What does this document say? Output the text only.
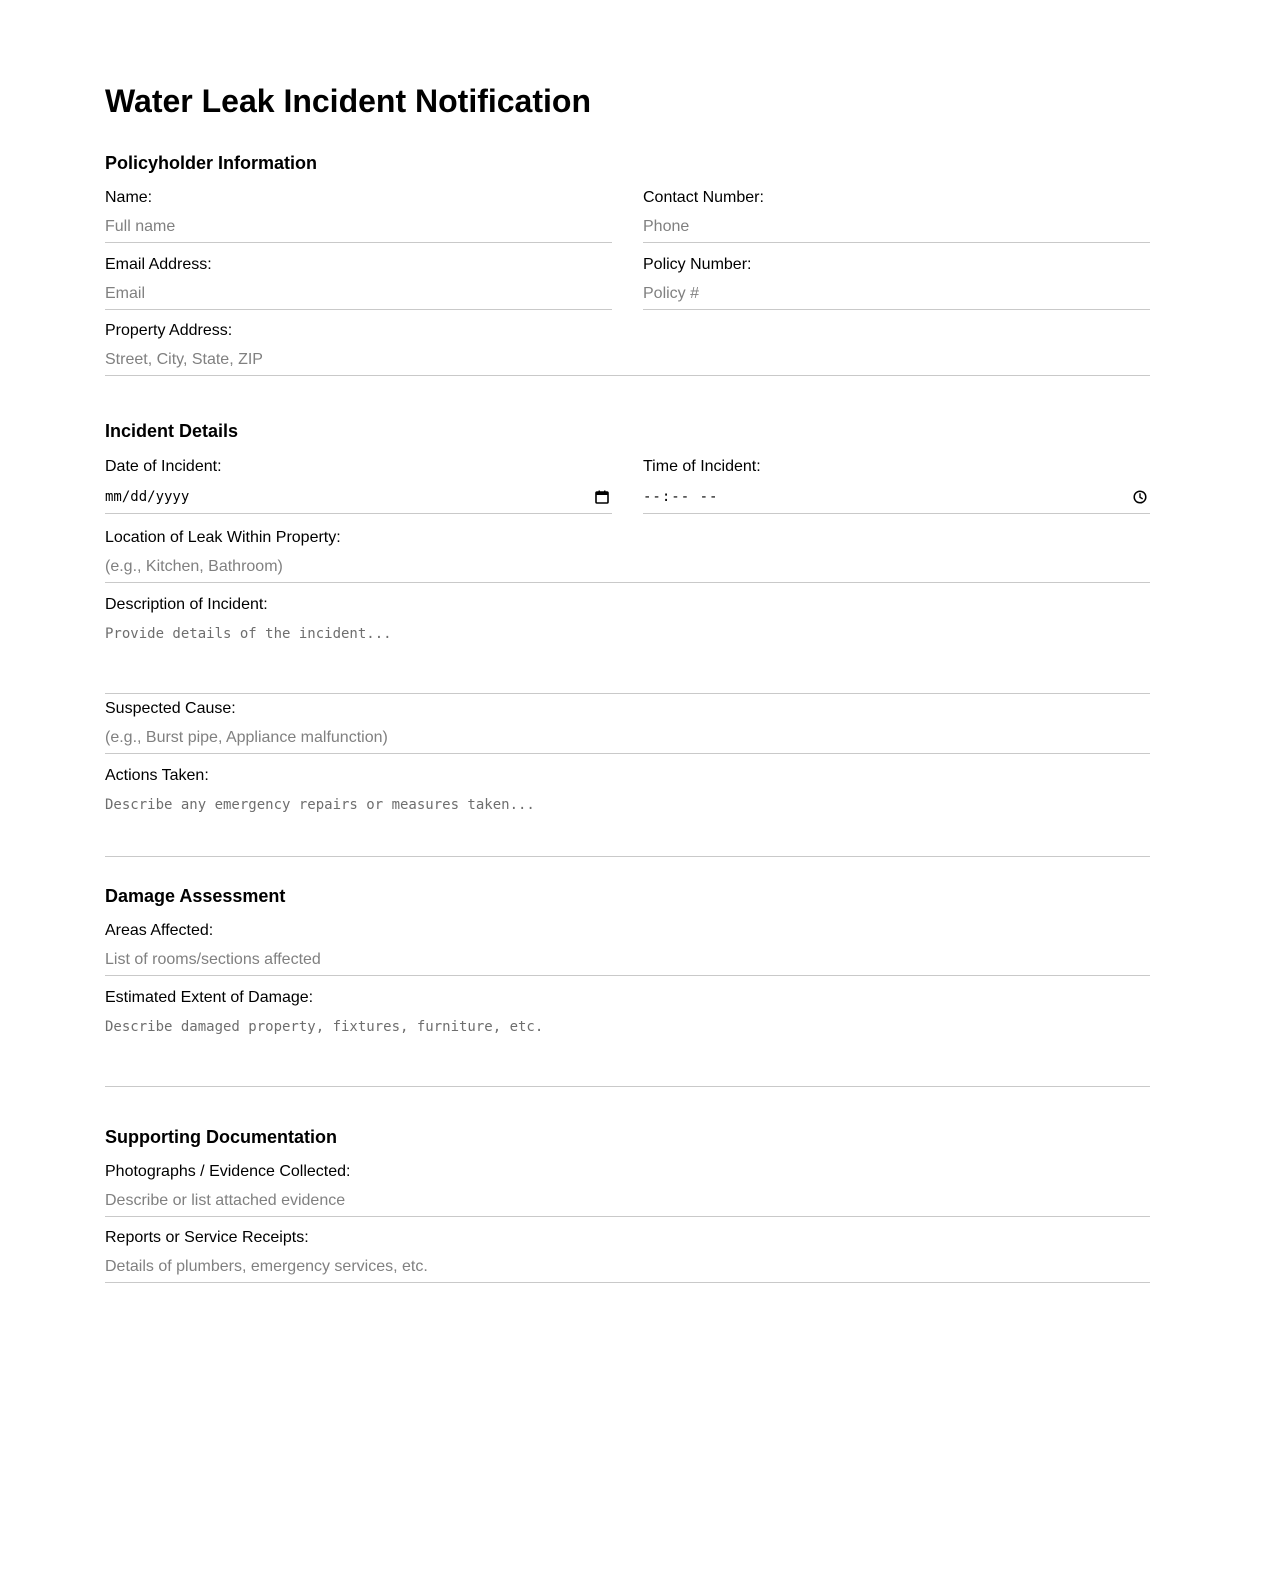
Water Leak Incident Notification
Policyholder Information
Name:
Full name	Contact Number:
Phone
Email Address:
Email	Policy Number:
Policy #
Property Address:
Street, City, State, ZIP
Incident Details
Date of Incident:
mm/dd/yyyy
Time of Incident:
--:-- --
Location of Leak Within Property:
(e.g., Kitchen, Bathroom)
Description of Incident:
Provide details of the incident...
Suspected Cause:
(e.g., Burst pipe, Appliance malfunction)
Actions Taken:
Describe any emergency repairs or measures taken...
Damage Assessment
Areas Affected:
List of rooms/sections affected
Estimated Extent of Damage:
Describe damaged property, fixtures, furniture, etc.
Supporting Documentation
Photographs / Evidence Collected:
Describe or list attached evidence
Reports or Service Receipts:
Details of plumbers, emergency services, etc.
